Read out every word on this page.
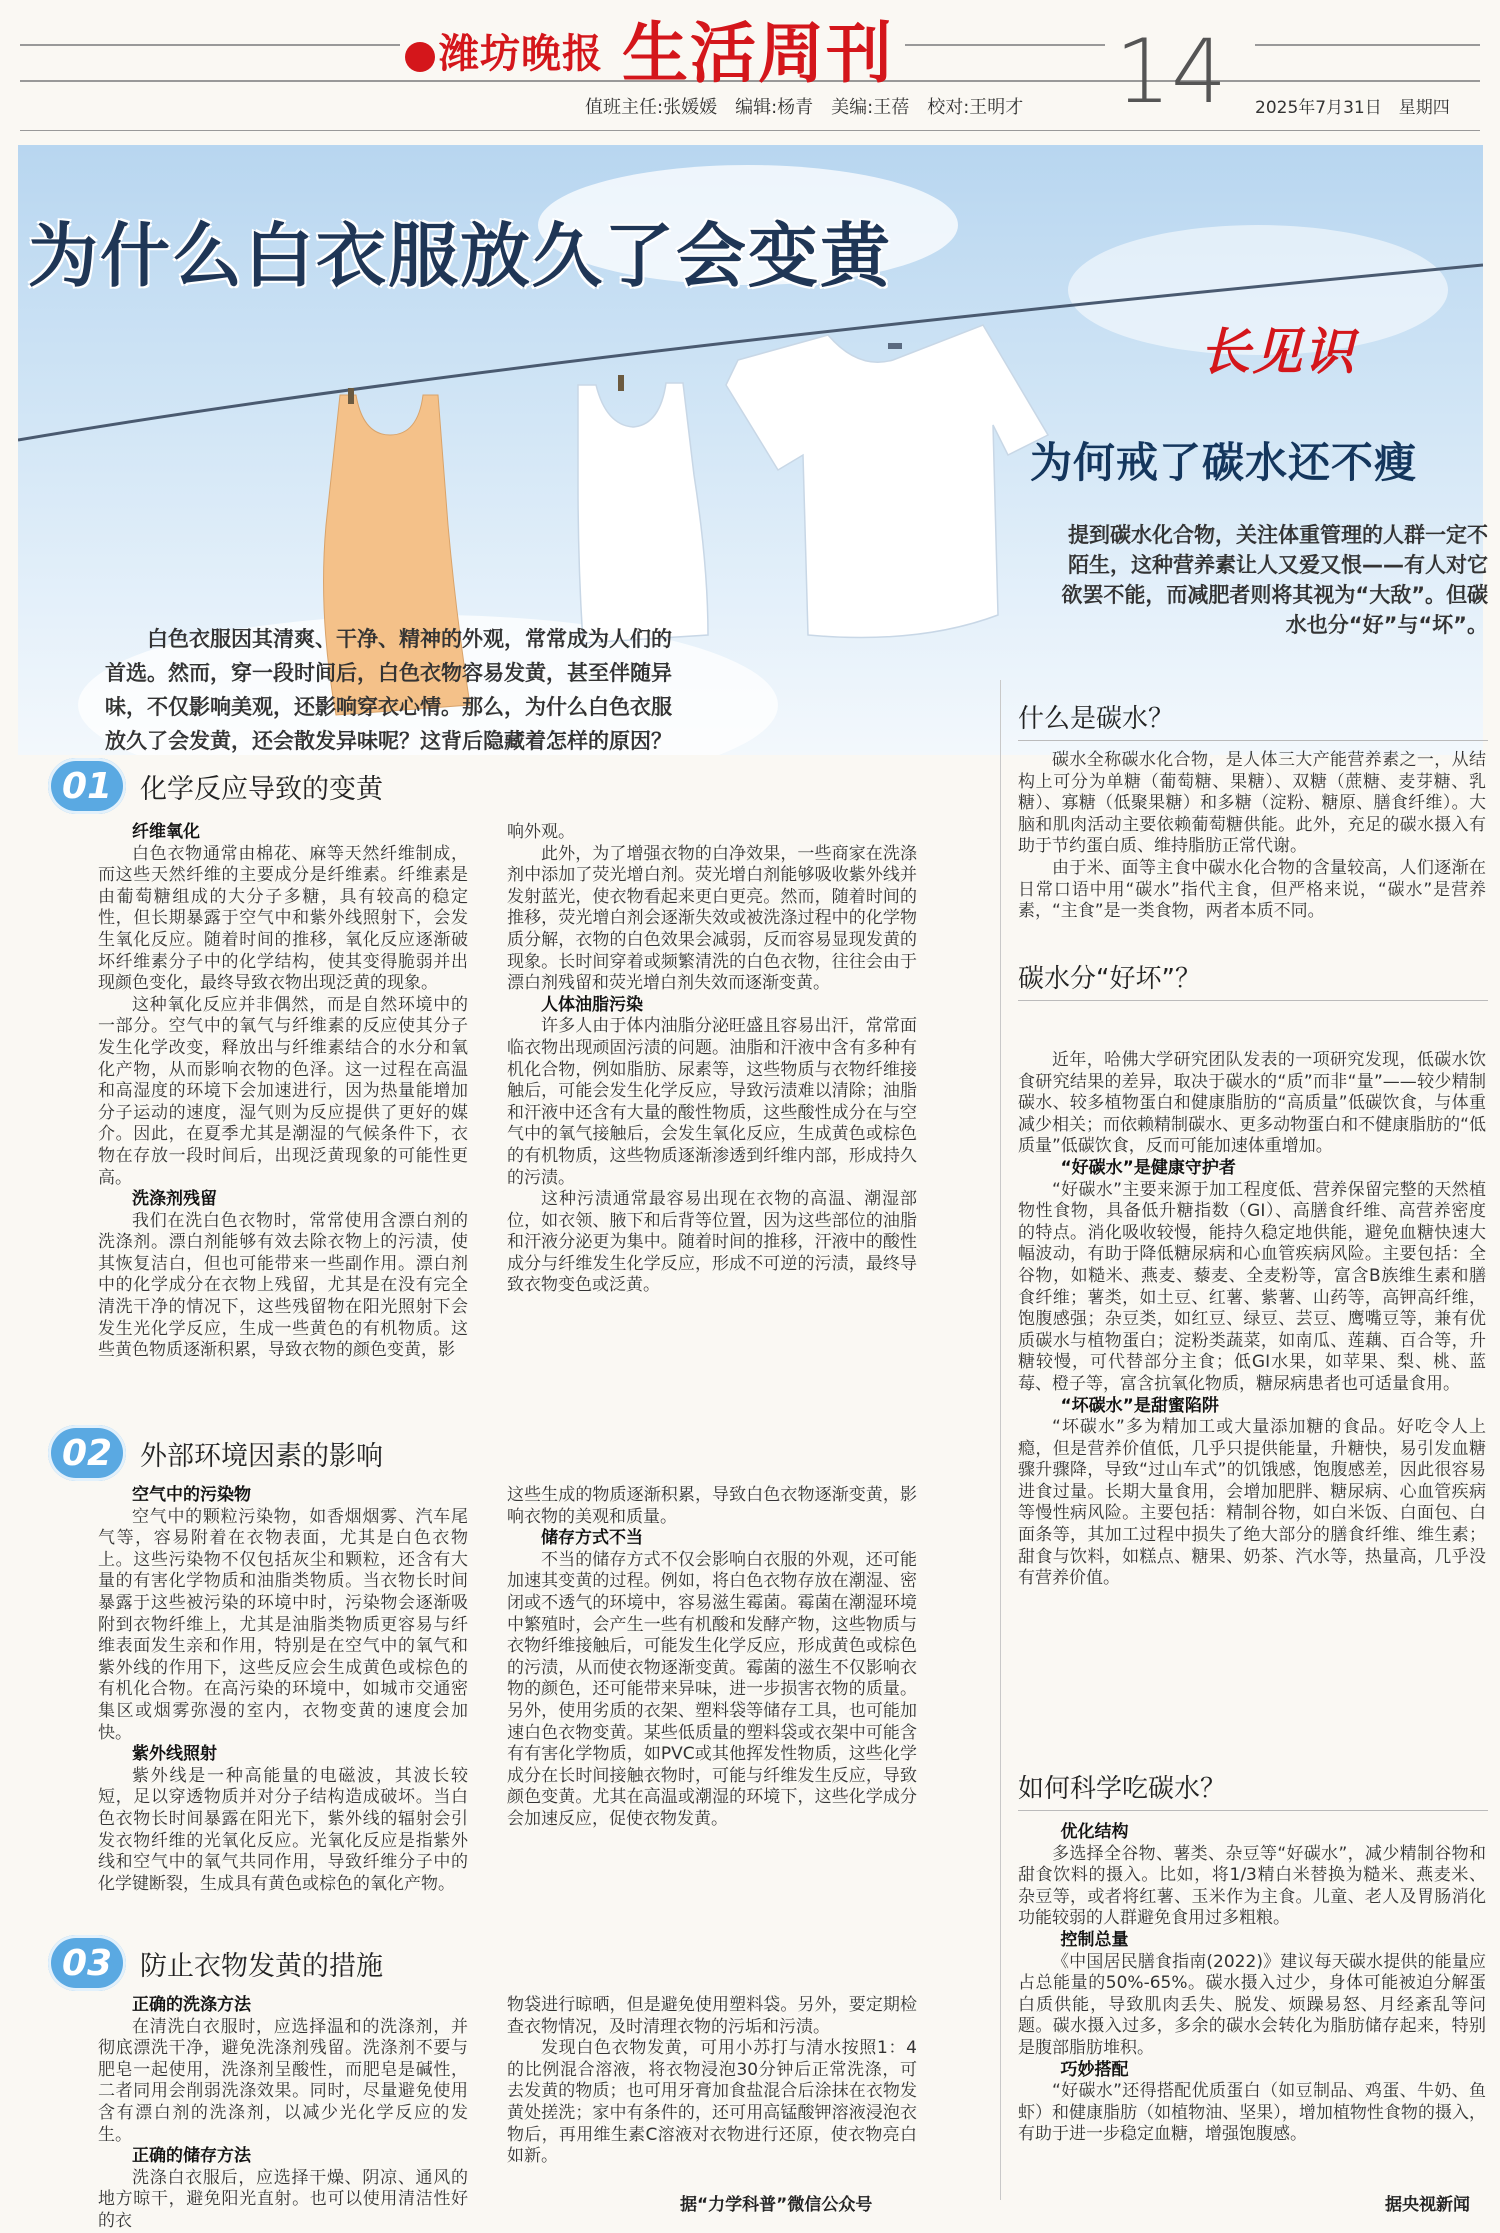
潍坊晚报 生活周刊	14
值班主任:张媛媛　编辑:杨青　美编:王蓓　校对:王明才	2025年7月31日　星期四
为什么白衣服放久了会变黄
白色衣服因其清爽、干净、精神的外观，常常成为人们的首选。然而，穿一段时间后，白色衣物容易发黄，甚至伴随异味，不仅影响美观，还影响穿衣心情。那么，为什么白色衣服放久了会发黄，还会散发异味呢？这背后隐藏着怎样的原因？
长见识
为何戒了碳水还不瘦
提到碳水化合物，关注体重管理的人群一定不陌生，这种营养素让人又爱又恨——有人对它欲罢不能，而减肥者则将其视为“大敌”。但碳水也分“好”与“坏”。
01	化学反应导致的变黄

纤维氧化

白色衣物通常由棉花、麻等天然纤维制成，而这些天然纤维的主要成分是纤维素。纤维素是由葡萄糖组成的大分子多糖，具有较高的稳定性，但长期暴露于空气中和紫外线照射下，会发生氧化反应。随着时间的推移，氧化反应逐渐破坏纤维素分子中的化学结构，使其变得脆弱并出现颜色变化，最终导致衣物出现泛黄的现象。

这种氧化反应并非偶然，而是自然环境中的一部分。空气中的氧气与纤维素的反应使其分子发生化学改变，释放出与纤维素结合的水分和氧化产物，从而影响衣物的色泽。这一过程在高温和高湿度的环境下会加速进行，因为热量能增加分子运动的速度，湿气则为反应提供了更好的媒介。因此，在夏季尤其是潮湿的气候条件下，衣物在存放一段时间后，出现泛黄现象的可能性更高。

洗涤剂残留

我们在洗白色衣物时，常常使用含漂白剂的洗涤剂。漂白剂能够有效去除衣物上的污渍，使其恢复洁白，但也可能带来一些副作用。漂白剂中的化学成分在衣物上残留，尤其是在没有完全清洗干净的情况下，这些残留物在阳光照射下会发生光化学反应，生成一些黄色的有机物质。这些黄色物质逐渐积累，导致衣物的颜色变黄，影

响外观。

此外，为了增强衣物的白净效果，一些商家在洗涤剂中添加了荧光增白剂。荧光增白剂能够吸收紫外线并发射蓝光，使衣物看起来更白更亮。然而，随着时间的推移，荧光增白剂会逐渐失效或被洗涤过程中的化学物质分解，衣物的白色效果会减弱，反而容易显现发黄的现象。长时间穿着或频繁清洗的白色衣物，往往会由于漂白剂残留和荧光增白剂失效而逐渐变黄。

人体油脂污染

许多人由于体内油脂分泌旺盛且容易出汗，常常面临衣物出现顽固污渍的问题。油脂和汗液中含有多种有机化合物，例如脂肪、尿素等，这些物质与衣物纤维接触后，可能会发生化学反应，导致污渍难以清除；油脂和汗液中还含有大量的酸性物质，这些酸性成分在与空气中的氧气接触后，会发生氧化反应，生成黄色或棕色的有机物质，这些物质逐渐渗透到纤维内部，形成持久的污渍。

这种污渍通常最容易出现在衣物的高温、潮湿部位，如衣领、腋下和后背等位置，因为这些部位的油脂和汗液分泌更为集中。随着时间的推移，汗液中的酸性成分与纤维发生化学反应，形成不可逆的污渍，最终导致衣物变色或泛黄。

02	外部环境因素的影响

空气中的污染物

空气中的颗粒污染物，如香烟烟雾、汽车尾气等，容易附着在衣物表面，尤其是白色衣物上。这些污染物不仅包括灰尘和颗粒，还含有大量的有害化学物质和油脂类物质。当衣物长时间暴露于这些被污染的环境中时，污染物会逐渐吸附到衣物纤维上，尤其是油脂类物质更容易与纤维表面发生亲和作用，特别是在空气中的氧气和紫外线的作用下，这些反应会生成黄色或棕色的有机化合物。在高污染的环境中，如城市交通密集区或烟雾弥漫的室内，衣物变黄的速度会加快。

紫外线照射

紫外线是一种高能量的电磁波，其波长较短，足以穿透物质并对分子结构造成破坏。当白色衣物长时间暴露在阳光下，紫外线的辐射会引发衣物纤维的光氧化反应。光氧化反应是指紫外线和空气中的氧气共同作用，导致纤维分子中的化学键断裂，生成具有黄色或棕色的氧化产物。

这些生成的物质逐渐积累，导致白色衣物逐渐变黄，影响衣物的美观和质量。

储存方式不当

不当的储存方式不仅会影响白衣服的外观，还可能加速其变黄的过程。例如，将白色衣物存放在潮湿、密闭或不透气的环境中，容易滋生霉菌。霉菌在潮湿环境中繁殖时，会产生一些有机酸和发酵产物，这些物质与衣物纤维接触后，可能发生化学反应，形成黄色或棕色的污渍，从而使衣物逐渐变黄。霉菌的滋生不仅影响衣物的颜色，还可能带来异味，进一步损害衣物的质量。另外，使用劣质的衣架、塑料袋等储存工具，也可能加速白色衣物变黄。某些低质量的塑料袋或衣架中可能含有有害化学物质，如PVC或其他挥发性物质，这些化学成分在长时间接触衣物时，可能与纤维发生反应，导致颜色变黄。尤其在高温或潮湿的环境下，这些化学成分会加速反应，促使衣物发黄。

03	防止衣物发黄的措施

正确的洗涤方法

在清洗白衣服时，应选择温和的洗涤剂，并彻底漂洗干净，避免洗涤剂残留。洗涤剂不要与肥皂一起使用，洗涤剂呈酸性，而肥皂是碱性，二者同用会削弱洗涤效果。同时，尽量避免使用含有漂白剂的洗涤剂，以减少光化学反应的发生。

正确的储存方法

洗涤白衣服后，应选择干燥、阴凉、通风的地方晾干，避免阳光直射。也可以使用清洁性好的衣

物袋进行晾晒，但是避免使用塑料袋。另外，要定期检查衣物情况，及时清理衣物的污垢和污渍。

发现白色衣物发黄，可用小苏打与清水按照1：4的比例混合溶液，将衣物浸泡30分钟后正常洗涤，可去发黄的物质；也可用牙膏加食盐混合后涂抹在衣物发黄处搓洗；家中有条件的，还可用高锰酸钾溶液浸泡衣物后，再用维生素C溶液对衣物进行还原，使衣物亮白如新。

据“力学科普”微信公众号
什么是碳水？

碳水全称碳水化合物，是人体三大产能营养素之一，从结构上可分为单糖（葡萄糖、果糖）、双糖（蔗糖、麦芽糖、乳糖）、寡糖（低聚果糖）和多糖（淀粉、糖原、膳食纤维）。大脑和肌肉活动主要依赖葡萄糖供能。此外，充足的碳水摄入有助于节约蛋白质、维持脂肪正常代谢。

由于米、面等主食中碳水化合物的含量较高，人们逐渐在日常口语中用“碳水”指代主食，但严格来说，“碳水”是营养素，“主食”是一类食物，两者本质不同。

碳水分“好坏”？

近年，哈佛大学研究团队发表的一项研究发现，低碳水饮食研究结果的差异，取决于碳水的“质”而非“量”——较少精制碳水、较多植物蛋白和健康脂肪的“高质量”低碳饮食，与体重减少相关；而依赖精制碳水、更多动物蛋白和不健康脂肪的“低质量”低碳饮食，反而可能加速体重增加。

“好碳水”是健康守护者

“好碳水”主要来源于加工程度低、营养保留完整的天然植物性食物，具备低升糖指数（GI）、高膳食纤维、高营养密度的特点。消化吸收较慢，能持久稳定地供能，避免血糖快速大幅波动，有助于降低糖尿病和心血管疾病风险。主要包括：全谷物，如糙米、燕麦、藜麦、全麦粉等，富含B族维生素和膳食纤维；薯类，如土豆、红薯、紫薯、山药等，高钾高纤维，饱腹感强；杂豆类，如红豆、绿豆、芸豆、鹰嘴豆等，兼有优质碳水与植物蛋白；淀粉类蔬菜，如南瓜、莲藕、百合等，升糖较慢，可代替部分主食；低GI水果，如苹果、梨、桃、蓝莓、橙子等，富含抗氧化物质，糖尿病患者也可适量食用。

“坏碳水”是甜蜜陷阱

“坏碳水”多为精加工或大量添加糖的食品。好吃令人上瘾，但是营养价值低，几乎只提供能量，升糖快，易引发血糖骤升骤降，导致“过山车式”的饥饿感，饱腹感差，因此很容易进食过量。长期大量食用，会增加肥胖、糖尿病、心血管疾病等慢性病风险。主要包括：精制谷物，如白米饭、白面包、白面条等，其加工过程中损失了绝大部分的膳食纤维、维生素；甜食与饮料，如糕点、糖果、奶茶、汽水等，热量高，几乎没有营养价值。

如何科学吃碳水？

优化结构

多选择全谷物、薯类、杂豆等“好碳水”，减少精制谷物和甜食饮料的摄入。比如，将1/3精白米替换为糙米、燕麦米、杂豆等，或者将红薯、玉米作为主食。儿童、老人及胃肠消化功能较弱的人群避免食用过多粗粮。

控制总量

《中国居民膳食指南(2022)》建议每天碳水提供的能量应占总能量的50%-65%。碳水摄入过少，身体可能被迫分解蛋白质供能，导致肌肉丢失、脱发、烦躁易怒、月经紊乱等问题。碳水摄入过多，多余的碳水会转化为脂肪储存起来，特别是腹部脂肪堆积。

巧妙搭配

“好碳水”还得搭配优质蛋白（如豆制品、鸡蛋、牛奶、鱼虾）和健康脂肪（如植物油、坚果），增加植物性食物的摄入，有助于进一步稳定血糖，增强饱腹感。

据央视新闻
